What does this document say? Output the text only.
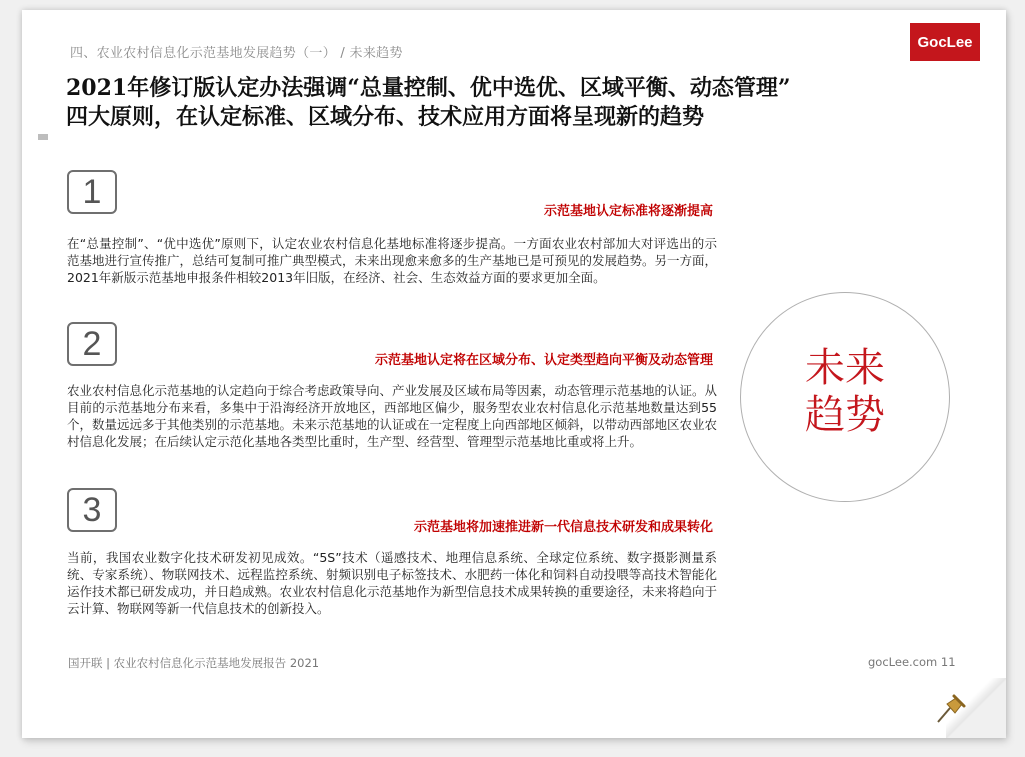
四、农业农村信息化示范基地发展趋势（一） / 未来趋势
GocLee
2021年修订版认定办法强调“总量控制、优中选优、区域平衡、动态管理”
四大原则，在认定标准、区域分布、技术应用方面将呈现新的趋势
1
示范基地认定标准将逐渐提高
在“总量控制”、“优中选优”原则下，认定农业农村信息化基地标准将逐步提高。一方面农业农村部加大对评选出的示范基地进行宣传推广，总结可复制可推广典型模式，未来出现愈来愈多的生产基地已是可预见的发展趋势。另一方面，2021年新版示范基地申报条件相较2013年旧版，在经济、社会、生态效益方面的要求更加全面。
2	示范基地认定将在区域分布、认定类型趋向平衡及动态管理
农业农村信息化示范基地的认定趋向于综合考虑政策导向、产业发展及区域布局等因素，动态管理示范基地的认证。从目前的示范基地分布来看，多集中于沿海经济开放地区，西部地区偏少，服务型农业农村信息化示范基地数量达到55个，数量远远多于其他类别的示范基地。未来示范基地的认证或在一定程度上向西部地区倾斜，以带动西部地区农业农村信息化发展；在后续认定示范化基地各类型比重时，生产型、经营型、管理型示范基地比重或将上升。
3	示范基地将加速推进新一代信息技术研发和成果转化
当前，我国农业数字化技术研发初见成效。“5S”技术（遥感技术、地理信息系统、全球定位系统、数字摄影测量系统、专家系统）、物联网技术、远程监控系统、射频识别电子标签技术、水肥药一体化和饲料自动投喂等高技术智能化运作技术都已研发成功，并日趋成熟。农业农村信息化示范基地作为新型信息技术成果转换的重要途径，未来将趋向于云计算、物联网等新一代信息技术的创新投入。
未来趋势
国开联 | 农业农村信息化示范基地发展报告 2021	gocLee.com 11
